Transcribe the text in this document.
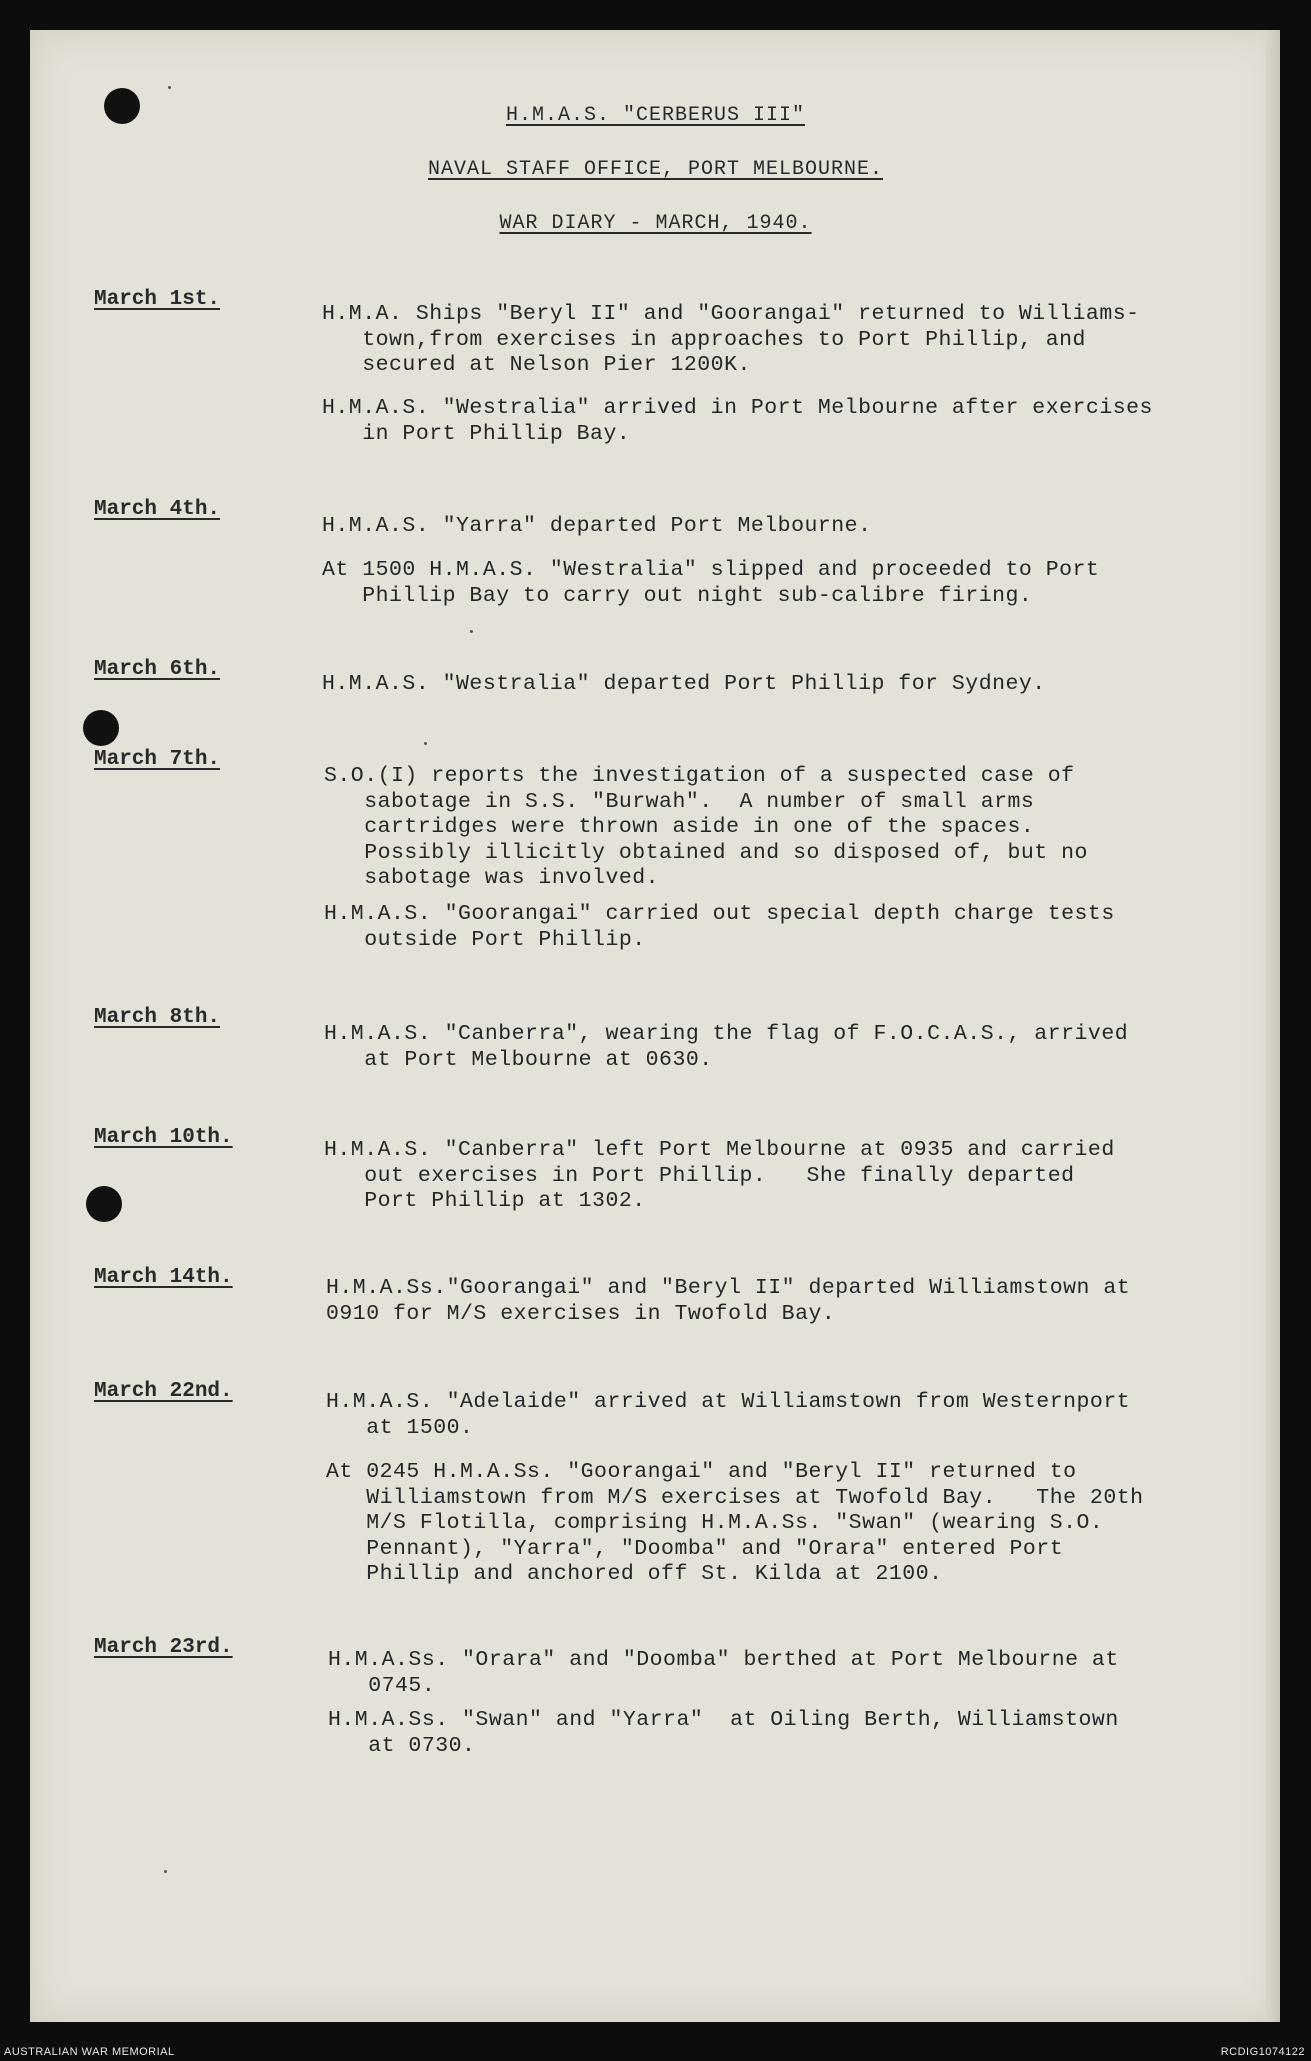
H.M.A.S. "CERBERUS III"
NAVAL STAFF OFFICE, PORT MELBOURNE.
WAR DIARY - MARCH, 1940.
March 1st.
H.M.A. Ships "Beryl II" and "Goorangai" returned to Williams-
town,from exercises in approaches to Port Phillip, and
secured at Nelson Pier 1200K.
H.M.A.S. "Westralia" arrived in Port Melbourne after exercises
in Port Phillip Bay.
March 4th.
H.M.A.S. "Yarra" departed Port Melbourne.
At 1500 H.M.A.S. "Westralia" slipped and proceeded to Port
Phillip Bay to carry out night sub-calibre firing.
March 6th.
H.M.A.S. "Westralia" departed Port Phillip for Sydney.
March 7th.
S.O.(I) reports the investigation of a suspected case of
sabotage in S.S. "Burwah".  A number of small arms
cartridges were thrown aside in one of the spaces.
Possibly illicitly obtained and so disposed of, but no
sabotage was involved.
H.M.A.S. "Goorangai" carried out special depth charge tests
outside Port Phillip.
March 8th.
H.M.A.S. "Canberra", wearing the flag of F.O.C.A.S., arrived
at Port Melbourne at 0630.
March 10th.
H.M.A.S. "Canberra" left Port Melbourne at 0935 and carried
out exercises in Port Phillip.   She finally departed
Port Phillip at 1302.
March 14th.	H.M.A.Ss."Goorangai" and "Beryl II" departed Williamstown at
0910 for M/S exercises in Twofold Bay.
March 22nd.	H.M.A.S. "Adelaide" arrived at Williamstown from Westernport
at 1500.
At 0245 H.M.A.Ss. "Goorangai" and "Beryl II" returned to
Williamstown from M/S exercises at Twofold Bay.   The 20th
M/S Flotilla, comprising H.M.A.Ss. "Swan" (wearing S.O.
Pennant), "Yarra", "Doomba" and "Orara" entered Port
Phillip and anchored off St. Kilda at 2100.
March 23rd.
H.M.A.Ss. "Orara" and "Doomba" berthed at Port Melbourne at
0745.
H.M.A.Ss. "Swan" and "Yarra"  at Oiling Berth, Williamstown
at 0730.
AUSTRALIAN WAR MEMORIAL	RCDIG1074122
